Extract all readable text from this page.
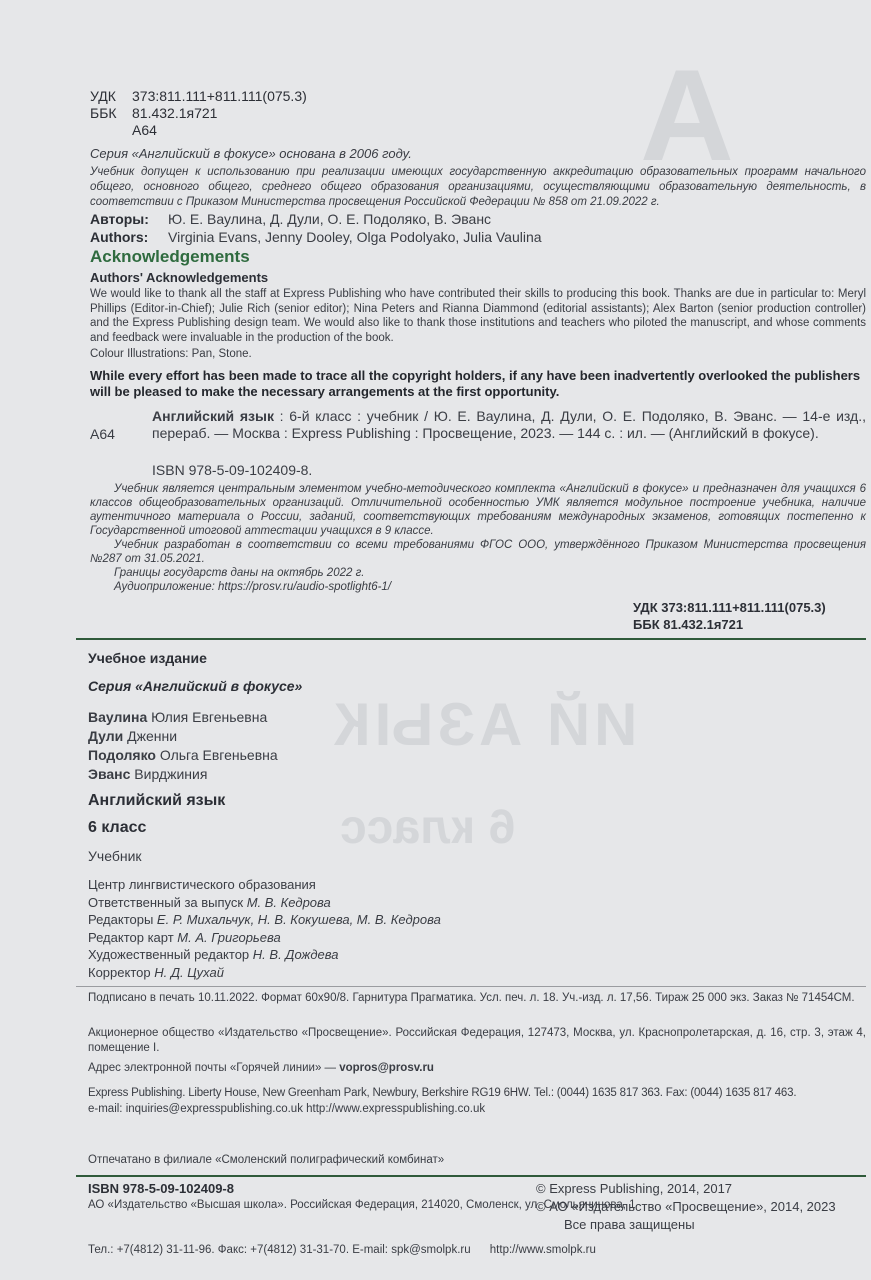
A
ИЙ АЗЫК
6 класс
УДК 373:811.111+811.111(075.3)
ББК 81.432.1я721
А64
Серия «Английский в фокусе» основана в 2006 году.
Учебник допущен к использованию при реализации имеющих государственную аккредитацию образовательных программ начального общего, основного общего, среднего общего образования организациями, осуществляющими образовательную деятельность, в соответствии с Приказом Министерства просвещения Российской Федерации № 858 от 21.09.2022 г.
Авторы: Ю. Е. Ваулина, Д. Дули, О. Е. Подоляко, В. Эванс
Authors: Virginia Evans, Jenny Dooley, Olga Podolyako, Julia Vaulina
Acknowledgements
Authors' Acknowledgements
We would like to thank all the staff at Express Publishing who have contributed their skills to producing this book. Thanks are due in particular to: Meryl Phillips (Editor-in-Chief); Julie Rich (senior editor); Nina Peters and Rianna Diammond (editorial assistants); Alex Barton (senior production controller) and the Express Publishing design team. We would also like to thank those institutions and teachers who piloted the manuscript, and whose comments and feedback were invaluable in the production of the book.
Colour Illustrations: Pan, Stone.
While every effort has been made to trace all the copyright holders, if any have been inadvertently overlooked the publishers will be pleased to make the necessary arrangements at the first opportunity.
А64
Английский язык : 6-й класс : учебник / Ю. Е. Ваулина, Д. Дули, О. Е. Подоляко, В. Эванс. — 14-е изд., перераб. — Москва : Express Publishing : Просвещение, 2023. — 144 с. : ил. — (Английский в фокусе).
ISBN 978-5-09-102409-8.
Учебник является центральным элементом учебно-методического комплекта «Английский в фокусе» и предназначен для учащихся 6 классов общеобразовательных организаций. Отличительной особенностью УМК является модульное построение учебника, наличие аутентичного материала о России, заданий, соответствующих требованиям международных экзаменов, готовящих постепенно к Государственной итоговой аттестации учащихся в 9 классе.
Учебник разработан в соответствии со всеми требованиями ФГОС ООО, утверждённого Приказом Министерства просвещения №287 от 31.05.2021.
Границы государств даны на октябрь 2022 г.
Аудиоприложение: https://prosv.ru/audio-spotlight6-1/
УДК 373:811.111+811.111(075.3)
ББК 81.432.1я721
Учебное издание
Серия «Английский в фокусе»
Ваулина Юлия Евгеньевна
Дули Дженни
Подоляко Ольга Евгеньевна
Эванс Вирджиния
Английский язык
6 класс
Учебник
Центр лингвистического образования
Ответственный за выпуск М. В. Кедрова
Редакторы Е. Р. Михальчук, Н. В. Кокушева, М. В. Кедрова
Редактор карт М. А. Григорьева
Художественный редактор Н. В. Дождева
Корректор Н. Д. Цухай
Подписано в печать 10.11.2022. Формат 60х90/8. Гарнитура Прагматика. Усл. печ. л. 18. Уч.-изд. л. 17,56. Тираж 25 000 экз. Заказ № 71454СМ.
Акционерное общество «Издательство «Просвещение». Российская Федерация, 127473, Москва, ул. Краснопролетарская, д. 16, стр. 3, этаж 4, помещение I.
Адрес электронной почты «Горячей линии» — vopros@prosv.ru
Express Publishing. Liberty House, New Greenham Park, Newbury, Berkshire RG19 6HW. Tel.: (0044) 1635 817 363. Fax: (0044) 1635 817 463.
e-mail: inquiries@expresspublishing.co.uk http://www.expresspublishing.co.uk

Отпечатано в филиале «Смоленский полиграфический комбинат»

АО «Издательство «Высшая школа». Российская Федерация, 214020, Смоленск, ул. Смольянинова, 1

Тел.: +7(4812) 31-11-96. Факс: +7(4812) 31-31-70. E-mail: spk@smolpk.ru      http://www.smolpk.ru

ISBN 978-5-09-102409-8	© Express Publishing, 2014, 2017
© АО «Издательство «Просвещение», 2014, 2023
Все права защищены
